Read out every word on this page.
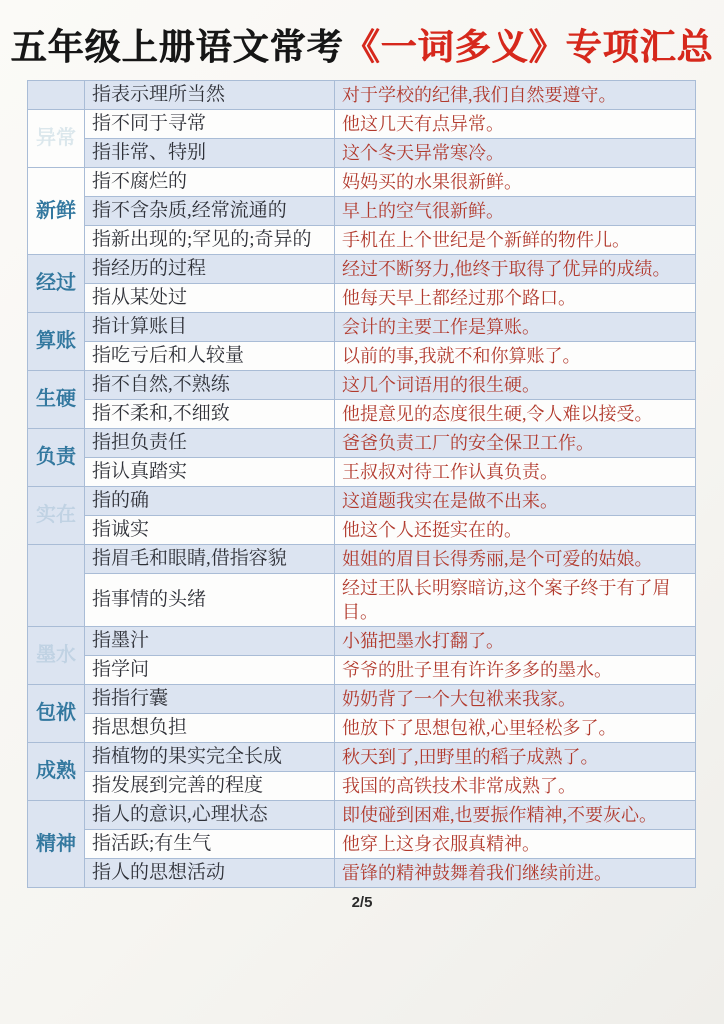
五年级上册语文常考《一词多义》专项汇总
	指表示理所当然	对于学校的纪律,我们自然要遵守。
异常	指不同于寻常	他这几天有点异常。
	指非常、特别	这个冬天异常寒冷。
新鲜	指不腐烂的	妈妈买的水果很新鲜。
	指不含杂质,经常流通的	早上的空气很新鲜。
	指新出现的;罕见的;奇异的	手机在上个世纪是个新鲜的物件儿。
经过	指经历的过程	经过不断努力,他终于取得了优异的成绩。
	指从某处过	他每天早上都经过那个路口。
算账	指计算账目	会计的主要工作是算账。
	指吃亏后和人较量	以前的事,我就不和你算账了。
生硬	指不自然,不熟练	这几个词语用的很生硬。
	指不柔和,不细致	他提意见的态度很生硬,令人难以接受。
负责	指担负责任	爸爸负责工厂的安全保卫工作。
	指认真踏实	王叔叔对待工作认真负责。
实在	指的确	这道题我实在是做不出来。
	指诚实	他这个人还挺实在的。
	指眉毛和眼睛,借指容貌	姐姐的眉目长得秀丽,是个可爱的姑娘。
	指事情的头绪	经过王队长明察暗访,这个案子终于有了眉目。
墨水	指墨汁	小猫把墨水打翻了。
	指学问	爷爷的肚子里有许许多多的墨水。
包袱	指指行囊	奶奶背了一个大包袱来我家。
	指思想负担	他放下了思想包袱,心里轻松多了。
成熟	指植物的果实完全长成	秋天到了,田野里的稻子成熟了。
	指发展到完善的程度	我国的高铁技术非常成熟了。
精神	指人的意识,心理状态	即使碰到困难,也要振作精神,不要灰心。
	指活跃;有生气	他穿上这身衣服真精神。
	指人的思想活动	雷锋的精神鼓舞着我们继续前进。
2/5
